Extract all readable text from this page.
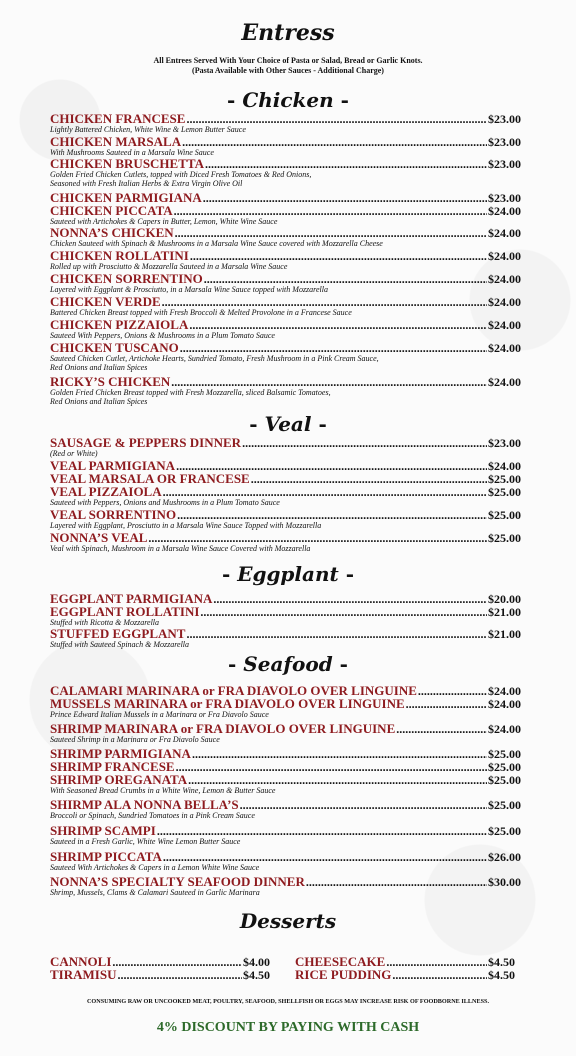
Entress
All Entrees Served With Your Choice of Pasta or Salad, Bread or Garlic Knots.
(Pasta Available with Other Sauces - Additional Charge)
- Chicken -
CHICKEN FRANCESE .....	$23.00
Lightly Battered Chicken, White Wine & Lemon Butter Sauce
CHICKEN MARSALA .....	$23.00
With Mushrooms Sauteed in a Marsala Wine Sauce
CHICKEN BRUSCHETTA .....	$23.00
Golden Fried Chicken Cutlets, topped with Diced Fresh Tomatoes & Red Onions,
Seasoned with Fresh Italian Herbs & Extra Virgin Olive Oil
CHICKEN PARMIGIANA .....	$23.00
CHICKEN PICCATA .....	$24.00
Sauteed with Artichokes & Capers in Butter, Lemon, White Wine Sauce
NONNA’S CHICKEN .....	$24.00
Chicken Sauteed with Spinach & Mushrooms in a Marsala Wine Sauce covered with Mozzarella Cheese
CHICKEN ROLLATINI .....	$24.00
Rolled up with Prosciutto & Mozzarella Sauteed in a Marsala Wine Sauce
CHICKEN SORRENTINO .....	$24.00
Layered with Eggplant & Prosciutto, in a Marsala Wine Sauce topped with Mozzarella
CHICKEN VERDE .....	$24.00
Battered Chicken Breast topped with Fresh Broccoli & Melted Provolone in a Francese Sauce
CHICKEN PIZZAIOLA .....	$24.00
Sauteed With Peppers, Onions & Mushrooms in a Plum Tomato Sauce
CHICKEN TUSCANO .....	$24.00
Sauteed Chicken Cutlet, Artichoke Hearts, Sundried Tomato, Fresh Mushroom in a Pink Cream Sauce,
Red Onions and Italian Spices
RICKY’S CHICKEN .....	$24.00
Golden Fried Chicken Breast topped with Fresh Mozzarella, sliced Balsamic Tomatoes,
Red Onions and Italian Spices
- Veal -
SAUSAGE & PEPPERS DINNER .....	$23.00
(Red or White)
VEAL PARMIGIANA .....	$24.00
VEAL MARSALA OR FRANCESE .....	$25.00
VEAL PIZZAIOLA .....	$25.00
Sauteed with Peppers, Onions and Mushrooms in a Plum Tomato Sauce
VEAL SORRENTINO .....	$25.00
Layered with Eggplant, Prosciutto in a Marsala Wine Sauce Topped with Mozzarella
NONNA’S VEAL .....	$25.00
Veal with Spinach, Mushroom in a Marsala Wine Sauce Covered with Mozzarella
- Eggplant -
EGGPLANT PARMIGIANA .....	$20.00
EGGPLANT ROLLATINI .....	$21.00
Stuffed with Ricotta & Mozzarella
STUFFED EGGPLANT .....	$21.00
Stuffed with Sauteed Spinach & Mozzarella
- Seafood -
CALAMARI MARINARA or FRA DIAVOLO OVER LINGUINE .....	$24.00
MUSSELS MARINARA or FRA DIAVOLO OVER LINGUINE .....	$24.00
Prince Edward Italian Mussels in a Marinara or Fra Diavolo Sauce
SHRIMP MARINARA or FRA DIAVOLO OVER LINGUINE .....	$24.00
Sauteed Shrimp in a Marinara or Fra Diavolo Sauce
SHRIMP PARMIGIANA .....	$25.00
SHRIMP FRANCESE .....	$25.00
SHRIMP OREGANATA .....	$25.00
With Seasoned Bread Crumbs in a White Wine, Lemon & Butter Sauce
SHIRMP ALA NONNA BELLA’S .....	$25.00
Broccoli or Spinach, Sundried Tomatoes in a Pink Cream Sauce
SHRIMP SCAMPI .....	$25.00
Sauteed in a Fresh Garlic, White Wine Lemon Butter Sauce
SHRIMP PICCATA .....	$26.00
Sauteed With Artichokes & Capers in a Lemon White Wine Sauce
NONNA’S SPECIALTY SEAFOOD DINNER .....	$30.00
Shrimp, Mussels, Clams & Calamari Sauteed in Garlic Marinara
Desserts
CANNOLI .....	$4.00
TIRAMISU .....	$4.50
CHEESECAKE .....	$4.50
RICE PUDDING .....	$4.50
CONSUMING RAW OR UNCOOKED MEAT, POULTRY, SEAFOOD, SHELLFISH OR EGGS MAY INCREASE RISK OF FOODBORNE ILLNESS.
4% DISCOUNT BY PAYING WITH CASH
